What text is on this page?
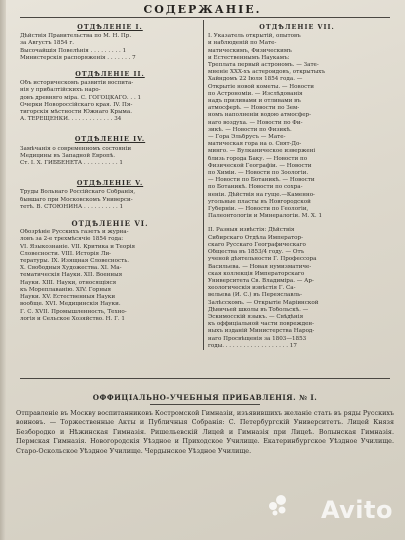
СОДЕРЖАНІЕ.
ОТДѢЛЕНІЕ I.
Дѣйствія Правительства по М. Н. Пр.
за Августъ 1854 г.
Высочайшія Повелѣнія . . . . . . . . . 1
Министерскія распоряженія . . . . . . . 7
ОТДѢЛЕНІЕ II.
Объ историческомъ развитіи воспита-
нія у прибалтійскихъ наро-
довъ древняго міра. С. ГОГОЦКАГО. . . 1
Очерки Новороссійскаго края. IV. Пя-
тигорскія мѣстности Южнаго Крыма.
А. ТЕРЕЩЕНКИ. . . . . . . . . . . . . 34
ОТДѢЛЕНІЕ IV.
Замѣчанія о современномъ состояніи
Медицины въ Западной Европѣ.
Ст. I. Х. ГИББЕНЕТА . . . . . . . . . . 1
ОТДѢЛЕНІЕ V.
Труды Вольнаго Россійскаго Собранія,
бывшаго при Московскомъ Универси-
тетѣ. В. СТОЮНИНА . . . . . . . . . . 1
ОТДѢЛЕНІЕ VI.
Обозрѣніе Русскихъ газетъ и журна-
ловъ за 2-е трехмѣсячіе 1854 года:
VI. Языкознаніе. VII. Критика и Теорія
Словесности. VIII. Исторія Ли-
тературы. IX. Изящная Словесность.
Х. Свободныя Художества. XI. Ма-
тематическія Науки. XII. Военныя
Науки. XIII. Науки, относящіяся
къ Мореплаванію. XIV. Горныя
Науки. XV. Естественныя Науки
вообще. XVI. Медицинскія Науки.
Г. С. XVII. Промышленность, Техно-
логія и Сельское Хозяйство. Н. Г. 1
ОТДѢЛЕНІЕ VII.
I. Указатель открытій, опытовъ
и наблюденій по Мате-
матическимъ, Физическимъ
и Естественнымъ Наукамъ:
Треплата первый астрономъ. — Зате-
мненіе XXX-хъ астероидовъ, открытыхъ
Хайндомъ 22 Іюля 1854 года. —
Открытіе новой кометы. — Новости
по Астрономіи. — Изслѣдованія
надъ приливами и отливами въ
атмосферѣ. — Новости по Зем-
номъ наполненіи водою атмосфер-
наго воздуха. — Новости по Фи-
зикѣ. — Новости по Физикѣ.
— Гора Эльбрусъ — Мате-
матическая гора на о. Свят-До-
минго. — Вулканическое извержені
близь города Баку. — Новости по
Физической Географіи. — Новости
по Химіи. — Новости по Зоологіи.
— Новости по Ботаникѣ. — Новости
по Ботаникѣ. Новости по сохра-
неніи. Дѣйствія на гуще.—Каменно-
угольные пласты въ Новгородской
Губерніи. — Новости по Геологіи,
Палеонтологіи и Минералогіи. М. Х. 1
II. Разныя извѣстія: Дѣйствія
Сибирскаго Отдѣла Император-
скаго Русскаго Географическаго
Общества въ 1853/4 году. — Отъ
ученой дѣятельности Г. Профессора
Васильева. — Новая нумизматиче-
ская коллекція Императорскаго
Университета Св. Владиміра. — Ар-
хеологическія извѣстія Г. Са-
вельева (И. С.) въ Переяславль-
Залѣсскомъ. — Открытіе Маріинской
Дѣвичьей школы въ Тобольскѣ. —
Эскимосскій языкъ. — Свѣдѣнія
къ оффиціальной части поврежден-
ныхъ изданій Министерства Народ-
наго Просвѣщенія за 1803—1853
годы. . . . . . . . . . . . . . . . . . . 17
ОФФИЦІАЛЬНО-УЧЕБНЫЯ ПРИБАВЛЕНІЯ. № I.
Отправленіе въ Москву воспитанниковъ Костромской Гимназіи, изъявившихъ желаніе стать въ ряды Русскихъ воиновъ. — Торжественные Акты и Публичныя Собранія: С. Петербургскій Университетъ. Лицей Князя Безбородко и Нѣжинская Гимназія. Ришельевскій Лицей и Гимназія при Лицеѣ. Волынская Гимназія. Пермская Гимназія. Новогородскія Уѣздное и Приходское Училище. Екатеринбургское Уѣздное Училище. Старо-Оскольское Уѣздное Училище. Чердынское Уѣздное Училище.
Avito
